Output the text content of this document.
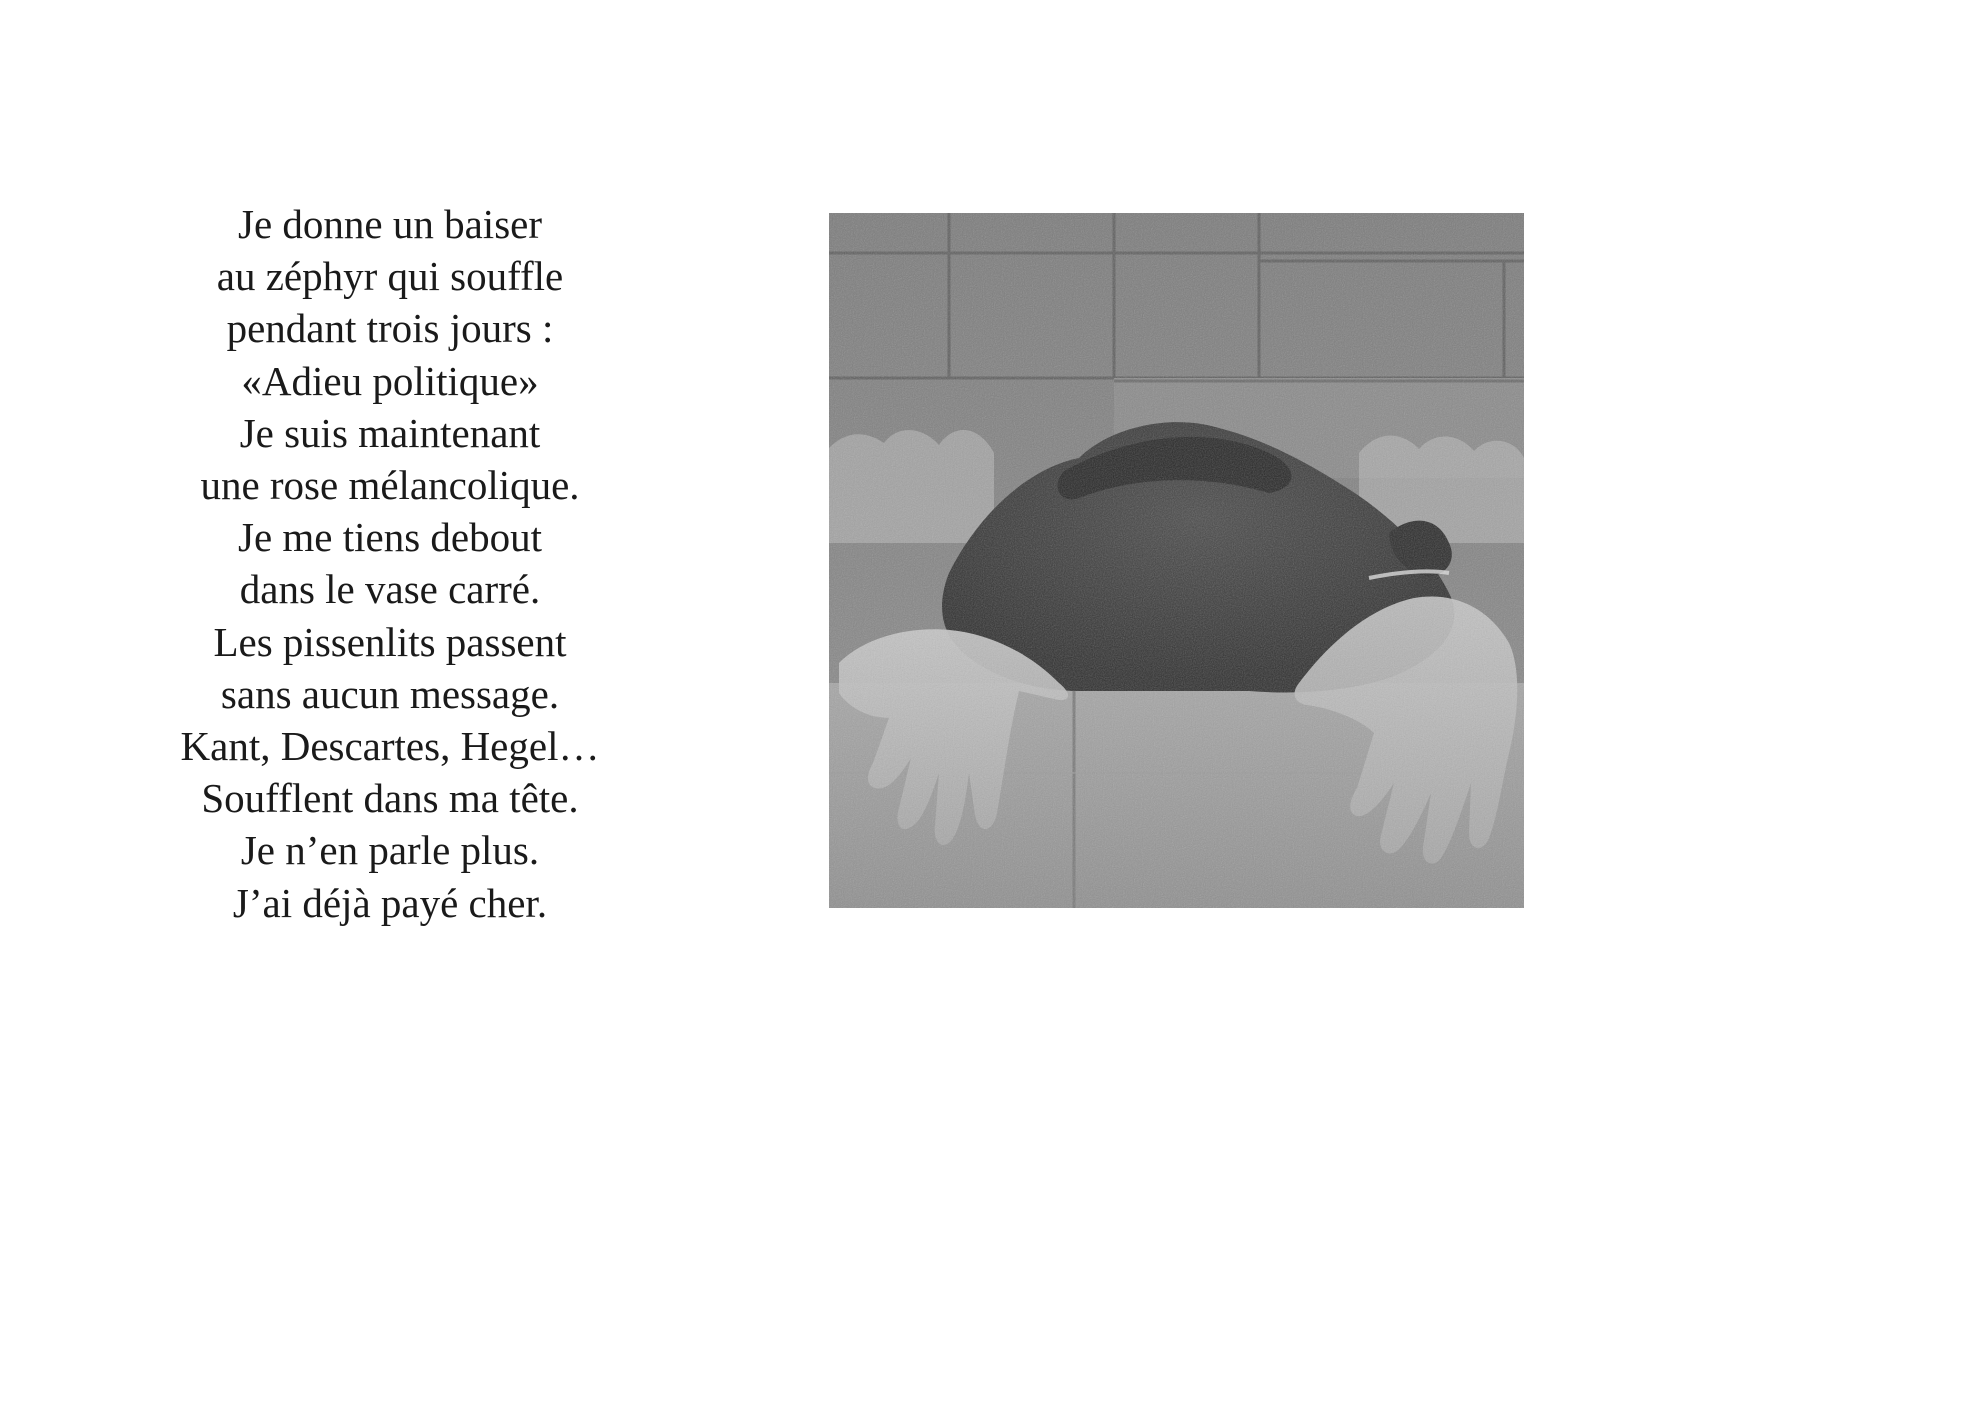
Je donne un baiser
au zéphyr qui souffle
pendant trois jours :
«Adieu politique»
Je suis maintenant
une rose mélancolique.
Je me tiens debout
dans le vase carré.
Les pissenlits passent
sans aucun message.
Kant, Descartes, Hegel…
Soufflent dans ma tête.
Je n’en parle plus.
J’ai déjà payé cher.
